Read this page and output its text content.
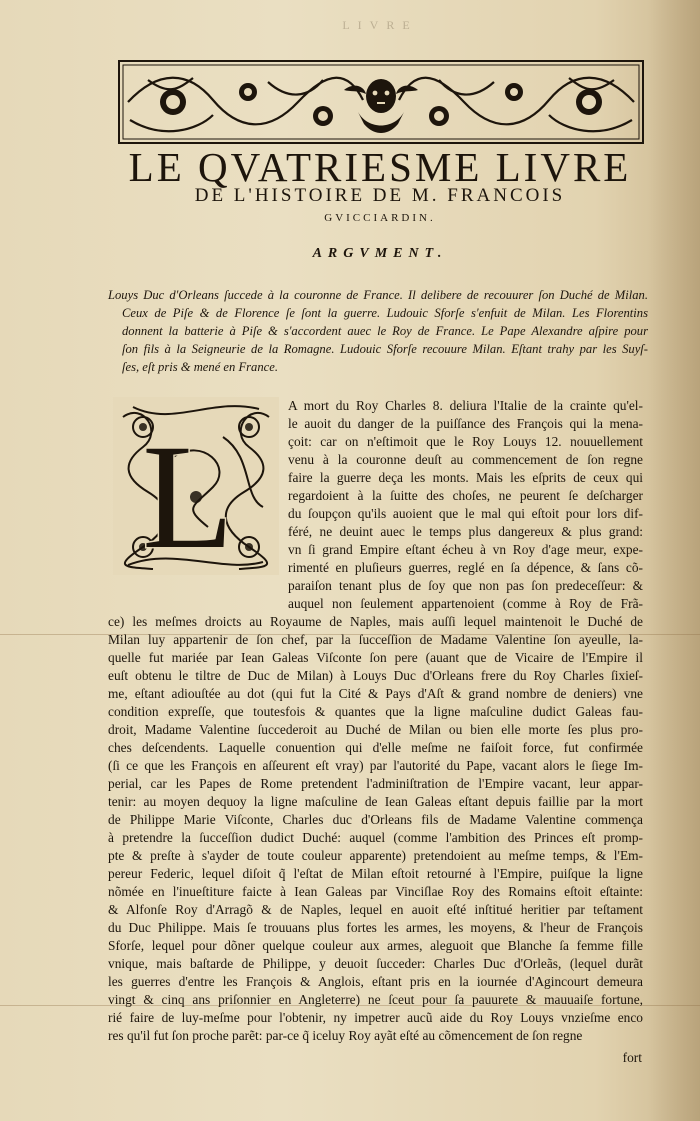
LIVRE
LE QVATRIESME LIVRE
DE L'HISTOIRE DE M. FRANCOIS
GVICCIARDIN.
ARGVMENT.
Louys Duc d'Orleans ſuccede à la couronne de France. Il delibere de recouurer ſon Duché de Milan.
Ceux de Piſe & de Florence ſe ſont la guerre. Ludouic Sforſe s'enfuit de Milan. Les Florentins
donnent la batterie à Piſe & s'accordent auec le Roy de France. Le Pape Alexandre aſpire pour
ſon fils à la Seigneurie de la Romagne. Ludouic Sforſe recouure Milan. Eſtant trahy par les Suyſ-
ſes, eſt pris & mené en France.
L
A mort du Roy Charles 8. deliura l'Italie de la crainte qu'el-
le auoit du danger de la puiſſance des François qui la mena-
çoit: car on n'eſtimoit que le Roy Louys 12. nouuellement
venu à la couronne deuſt au commencement de ſon regne
faire la guerre deça les monts. Mais les eſprits de ceux qui
regardoient à la ſuitte des choſes, ne peurent ſe deſcharger
du ſoupçon qu'ils auoient que le mal qui eſtoit pour lors dif-
féré, ne deuint auec le temps plus dangereux & plus grand:
vn ſi grand Empire eſtant écheu à vn Roy d'age meur, expe-
rimenté en pluſieurs guerres, reglé en ſa dépence, & ſans cõ-
paraiſon tenant plus de ſoy que non pas ſon predeceſſeur: &
auquel non ſeulement appartenoient (comme à Roy de Frã-
ce) les meſmes droicts au Royaume de Naples, mais auſſi lequel maintenoit le Duché de
Milan luy appartenir de ſon chef, par la ſucceſſion de Madame Valentine ſon ayeulle, la-
quelle fut mariée par Iean Galeas Viſconte ſon pere (auant que de Vicaire de l'Empire il
euſt obtenu le tiltre de Duc de Milan) à Louys Duc d'Orleans frere du Roy Charles ſixieſ-
me, eſtant adiouſtée au dot (qui fut la Cité & Pays d'Aſt & grand nombre de deniers) vne
condition expreſſe, que toutesfois & quantes que la ligne maſculine dudict Galeas fau-
droit, Madame Valentine ſuccederoit au Duché de Milan ou bien elle morte ſes plus pro-
ches deſcendents. Laquelle conuention qui d'elle meſme ne faiſoit force, fut confirmée
(ſi ce que les François en aſſeurent eſt vray) par l'autorité du Pape, vacant alors le ſiege Im-
perial, car les Papes de Rome pretendent l'adminiſtration de l'Empire vacant, leur appar-
tenir: au moyen dequoy la ligne maſculine de Iean Galeas eſtant depuis faillie par la mort
de Philippe Marie Viſconte, Charles duc d'Orleans fils de Madame Valentine commença
à pretendre la ſucceſſion dudict Duché: auquel (comme l'ambition des Princes eſt promp-
pte & preſte à s'ayder de toute couleur apparente) pretendoient au meſme temps, & l'Em-
pereur Federic, lequel diſoit q̃ l'eſtat de Milan eſtoit retourné à l'Empire, puiſque la ligne
nõmée en l'inueſtiture faicte à Iean Galeas par Vinciſlae Roy des Romains eſtoit eſtainte:
& Alfonſe Roy d'Arragõ & de Naples, lequel en auoit eſté inſtitué heritier par teſtament
du Duc Philippe. Mais ſe trouuans plus fortes les armes, les moyens, & l'heur de François
Sforſe, lequel pour dõner quelque couleur aux armes, aleguoit que Blanche ſa femme fille
vnique, mais baſtarde de Philippe, y deuoit ſucceder: Charles Duc d'Orleãs, (lequel durãt
les guerres d'entre les François & Anglois, eſtant pris en la iournée d'Agincourt demeura
vingt & cinq ans priſonnier en Angleterre) ne ſceut pour ſa pauurete & mauuaiſe fortune,
rié faire de luy-meſme pour l'obtenir, ny impetrer aucũ aide du Roy Louys vnzieſme enco
res qu'il fut ſon proche parẽt: par-ce q̃ iceluy Roy ayãt eſté au cõmencement de ſon regne
fort
